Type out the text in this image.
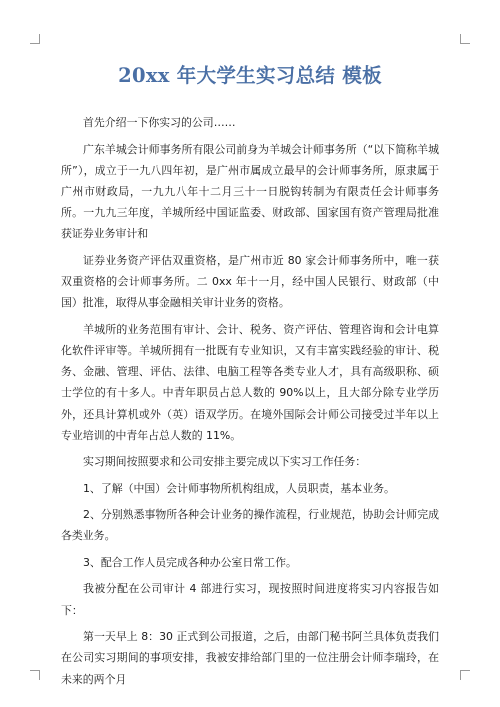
20xx 年大学生实习总结 模板

首先介绍一下你实习的公司……

广东羊城会计师事务所有限公司前身为羊城会计师事务所（“以下简称羊城所”），成立于一九八四年初，是广州市属成立最早的会计师事务所，原隶属于广州市财政局，一九九八年十二月三十一日脱钩转制为有限责任会计师事务所。一九九三年度，羊城所经中国证监委、财政部、国家国有资产管理局批准获证券业务审计和

证券业务资产评估双重资格，是广州市近 80 家会计师事务所中，唯一获双重资格的会计师事务所。二 0xx 年十一月，经中国人民银行、财政部（中国）批准，取得从事金融相关审计业务的资格。

羊城所的业务范围有审计、会计、税务、资产评估、管理咨询和会计电算化软件评审等。羊城所拥有一批既有专业知识，又有丰富实践经验的审计、税务、金融、管理、评估、法律、电脑工程等各类专业人才，具有高级职称、硕士学位的有十多人。中青年职员占总人数的 90%以上，且大部分除专业学历外，还具计算机或外（英）语双学历。在境外国际会计师公司接受过半年以上专业培训的中青年占总人数的 11%。

实习期间按照要求和公司安排主要完成以下实习工作任务：

1、了解（中国）会计师事物所机构组成，人员职责，基本业务。

2、分别熟悉事物所各种会计业务的操作流程，行业规范，协助会计师完成各类业务。

3、配合工作人员完成各种办公室日常工作。

我被分配在公司审计 4 部进行实习，现按照时间进度将实习内容报告如下：

第一天早上 8：30 正式到公司报道，之后，由部门秘书阿兰具体负责我们在公司实习期间的事项安排，我被安排给部门里的一位注册会计师李瑞玲，在未来的两个月
